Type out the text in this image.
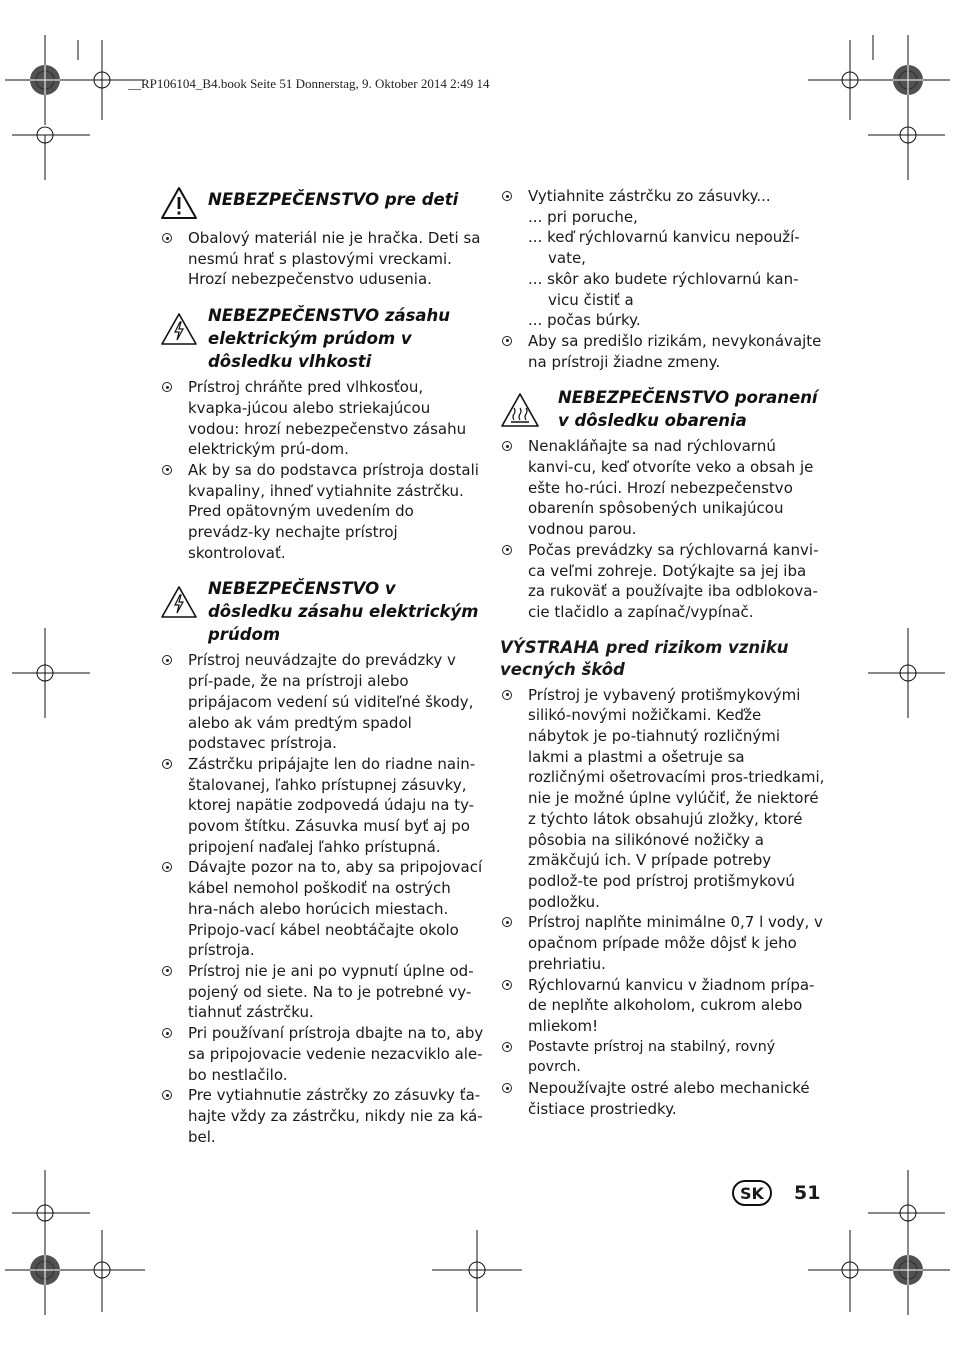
__RP106104_B4.book Seite 51 Donnerstag, 9. Oktober 2014 2:49 14
NEBEZPEČENSTVO pre deti
Obalový materiál nie je hračka. Deti sa nesmú hrať s plastovými vreckami. Hrozí nebezpečenstvo udusenia.
NEBEZPEČENSTVO zásahu elektrickým prúdom v dôsledku vlhkosti
Prístroj chráňte pred vlhkosťou, kvapka-júcou alebo striekajúcou vodou: hrozí nebezpečenstvo zásahu elektrickým prú-dom.
Ak by sa do podstavca prístroja dostali kvapaliny, ihneď vytiahnite zástrčku. Pred opätovným uvedením do prevádz-ky nechajte prístroj skontrolovať.
NEBEZPEČENSTVO v dôsledku zásahu elektrickým prúdom
Prístroj neuvádzajte do prevádzky v prí-pade, že na prístroji alebo pripájacom vedení sú viditeľné škody, alebo ak vám predtým spadol podstavec prístroja.
Zástrčku pripájajte len do riadne nain-štalovanej, ľahko prístupnej zásuvky, ktorej napätie zodpovedá údaju na ty-povom štítku. Zásuvka musí byť aj po pripojení naďalej ľahko prístupná.
Dávajte pozor na to, aby sa pripojovací kábel nemohol poškodiť na ostrých hra-nách alebo horúcich miestach. Pripojo-vací kábel neobtáčajte okolo prístroja.
Prístroj nie je ani po vypnutí úplne od-pojený od siete. Na to je potrebné vy-tiahnuť zástrčku.
Pri používaní prístroja dbajte na to, aby sa pripojovacie vedenie nezacviklo ale-bo nestlačilo.
Pre vytiahnutie zástrčky zo zásuvky ťa-hajte vždy za zástrčku, nikdy nie za ká-bel.
Vytiahnite zástrčku zo zásuvky...
... pri poruche,
... keď rýchlovarnú kanvicu nepouží-vate,
... skôr ako budete rýchlovarnú kan-vicu čistiť a
... počas búrky.
Aby sa predišlo rizikám, nevykonávajte na prístroji žiadne zmeny.
NEBEZPEČENSTVO poranení v dôsledku obarenia
Nenakláňajte sa nad rýchlovarnú kanvi-cu, keď otvoríte veko a obsah je ešte ho-rúci. Hrozí nebezpečenstvo obarenín spôsobených unikajúcou vodnou parou.
Počas prevádzky sa rýchlovarná kanvi-ca veľmi zohreje. Dotýkajte sa jej iba za rukoväť a používajte iba odblokova-cie tlačidlo a zapínač/vypínač.
VÝSTRAHA pred rizikom vzniku vecných škôd
Prístroj je vybavený protišmykovými silikó-novými nožičkami. Keďže nábytok je po-tiahnutý rozličnými lakmi a plastmi a ošetruje sa rozličnými ošetrovacími pros-triedkami, nie je možné úplne vylúčiť, že niektoré z týchto látok obsahujú zložky, ktoré pôsobia na silikónové nožičky a zmäkčujú ich. V prípade potreby podlož-te pod prístroj protišmykovú podložku.
Prístroj naplňte minimálne 0,7 l vody, v opačnom prípade môže dôjsť k jeho prehriatiu.
Rýchlovarnú kanvicu v žiadnom prípa-de neplňte alkoholom, cukrom alebo mliekom!
Postavte prístroj na stabilný, rovný povrch.
Nepoužívajte ostré alebo mechanické čistiace prostriedky.
SK	51
